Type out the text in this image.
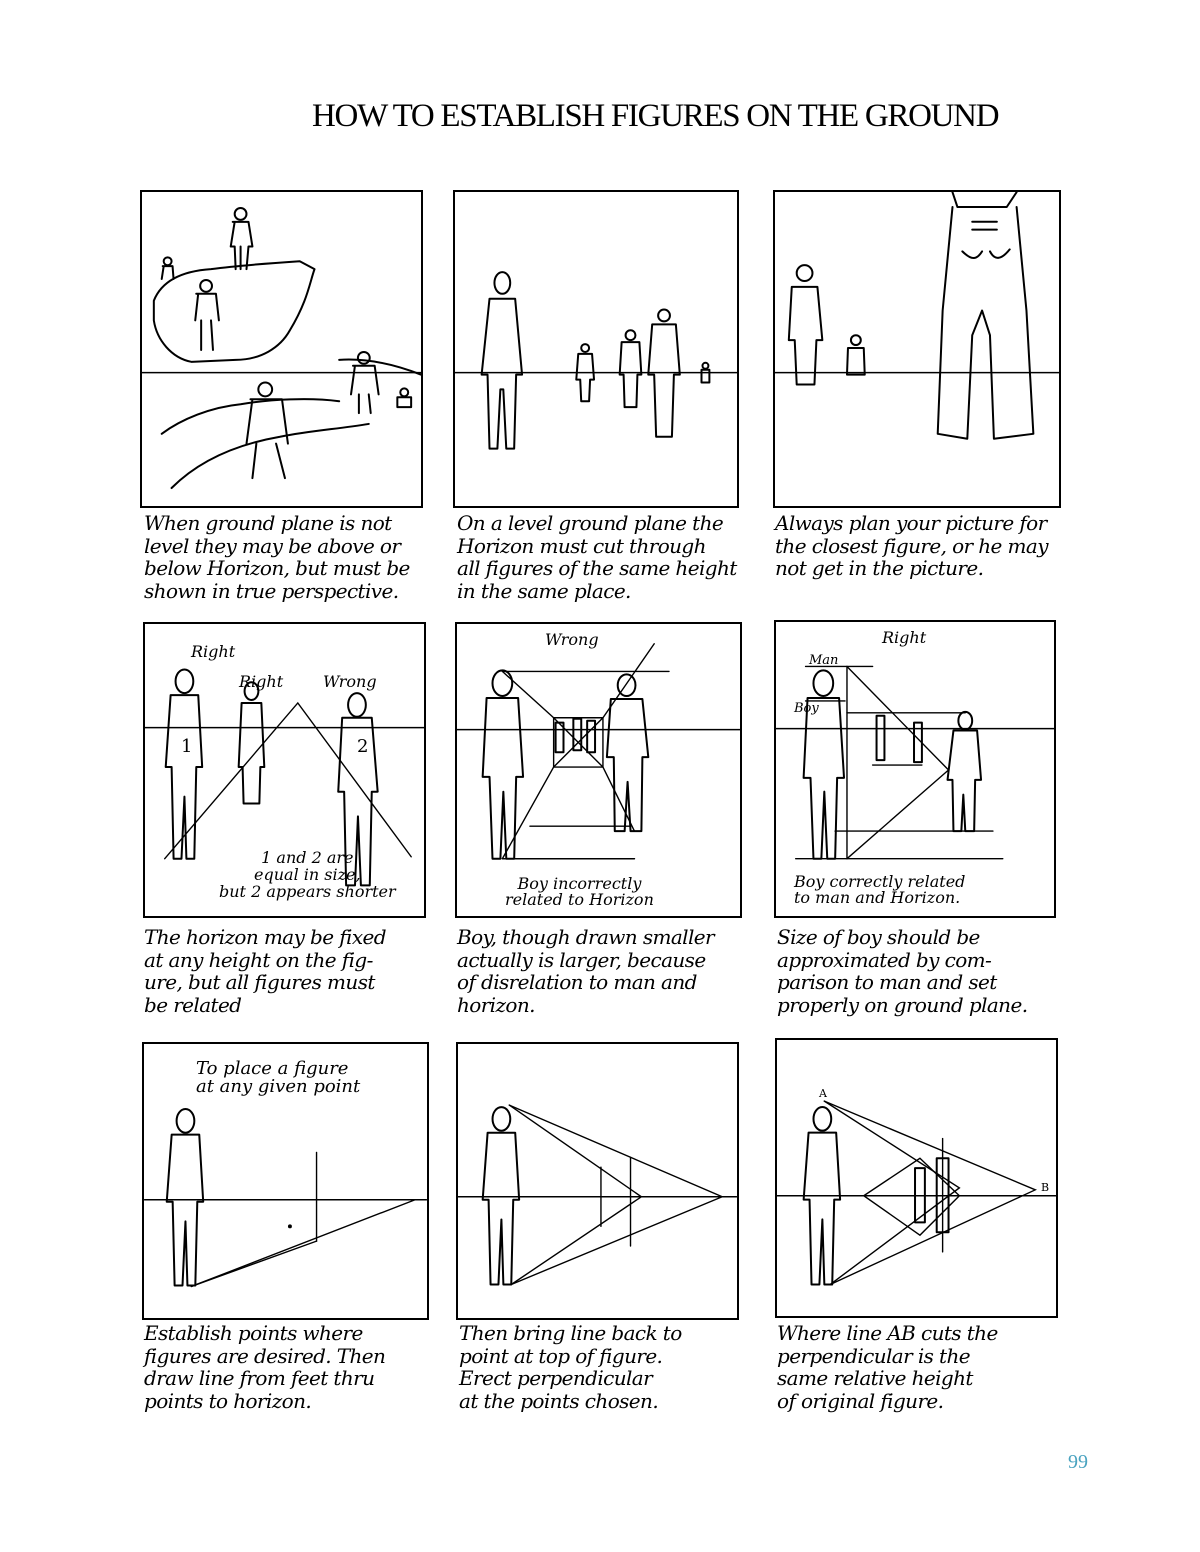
HOW TO ESTABLISH FIGURES ON THE GROUND

When ground plane is not
level they may be above or
below Horizon, but must be
shown in true perspective.

On a level ground plane the
Horizon must cut through
all figures of the same height
in the same place.

Always plan your picture for
the closest figure, or he may
not get in the picture.

Right
Right Wrong
1	2
1 and 2 are
equal in size,
but 2 appears shorter

The horizon may be fixed
at any height on the fig-
ure, but all figures must
be related

Wrong
Boy incorrectly
related to Horizon

Boy, though drawn smaller
actually is larger, because
of disrelation to man and
horizon.

Right
Man
Boy
Boy correctly related
to man and Horizon.

Size of boy should be
approximated by com-
parison to man and set
properly on ground plane.

To place a figure
at any given point

Establish points where
figures are desired. Then
draw line from feet thru
points to horizon.

Then bring line back to
point at top of figure.
Erect perpendicular
at the points chosen.

A
B

Where line AB cuts the
perpendicular is the
same relative height
of original figure.

99
